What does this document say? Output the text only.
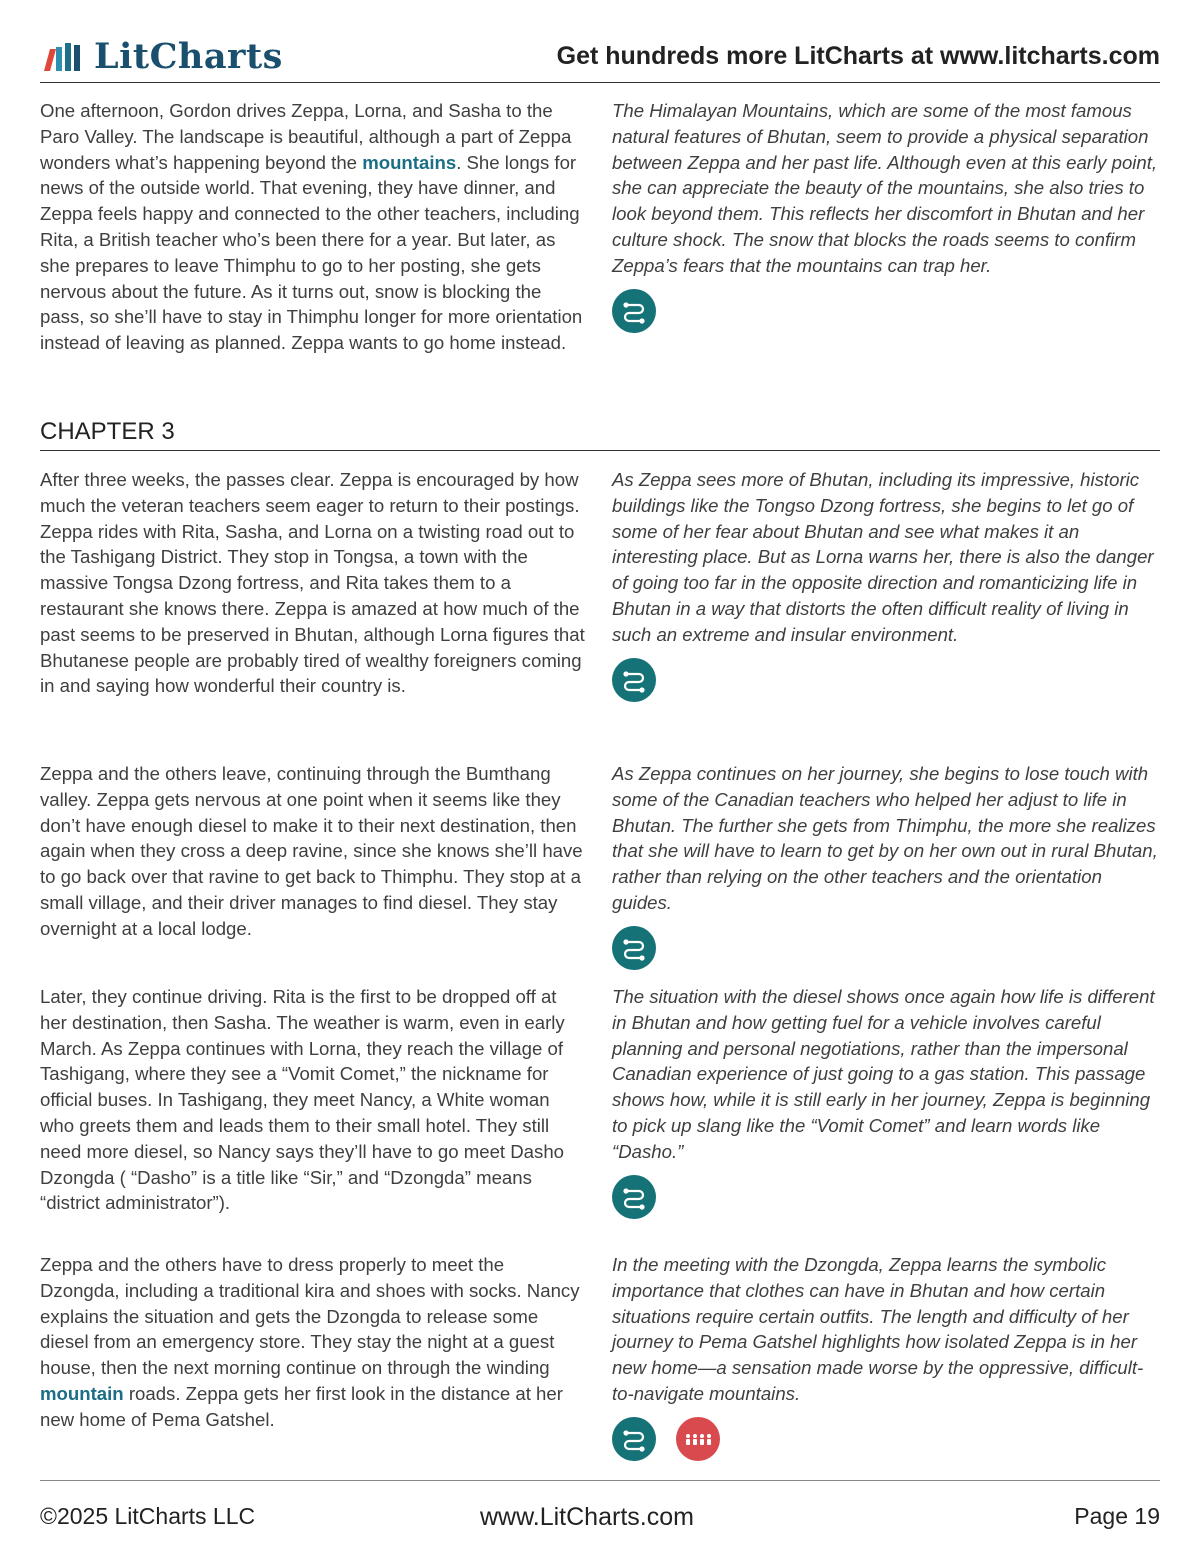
LitCharts	Get hundreds more LitCharts at www.litcharts.com
One afternoon, Gordon drives Zeppa, Lorna, and Sasha to the Paro Valley. The landscape is beautiful, although a part of Zeppa wonders what’s happening beyond the mountains. She longs for news of the outside world. That evening, they have dinner, and Zeppa feels happy and connected to the other teachers, including Rita, a British teacher who’s been there for a year. But later, as she prepares to leave Thimphu to go to her posting, she gets nervous about the future. As it turns out, snow is blocking the pass, so she’ll have to stay in Thimphu longer for more orientation instead of leaving as planned. Zeppa wants to go home instead.
The Himalayan Mountains, which are some of the most famous natural features of Bhutan, seem to provide a physical separation between Zeppa and her past life. Although even at this early point, she can appreciate the beauty of the mountains, she also tries to look beyond them. This reflects her discomfort in Bhutan and her culture shock. The snow that blocks the roads seems to confirm Zeppa’s fears that the mountains can trap her.
CHAPTER 3
After three weeks, the passes clear. Zeppa is encouraged by how much the veteran teachers seem eager to return to their postings. Zeppa rides with Rita, Sasha, and Lorna on a twisting road out to the Tashigang District. They stop in Tongsa, a town with the massive Tongsa Dzong fortress, and Rita takes them to a restaurant she knows there. Zeppa is amazed at how much of the past seems to be preserved in Bhutan, although Lorna figures that Bhutanese people are probably tired of wealthy foreigners coming in and saying how wonderful their country is.
As Zeppa sees more of Bhutan, including its impressive, historic buildings like the Tongso Dzong fortress, she begins to let go of some of her fear about Bhutan and see what makes it an interesting place. But as Lorna warns her, there is also the danger of going too far in the opposite direction and romanticizing life in Bhutan in a way that distorts the often difficult reality of living in such an extreme and insular environment.
Zeppa and the others leave, continuing through the Bumthang valley. Zeppa gets nervous at one point when it seems like they don’t have enough diesel to make it to their next destination, then again when they cross a deep ravine, since she knows she’ll have to go back over that ravine to get back to Thimphu. They stop at a small village, and their driver manages to find diesel. They stay overnight at a local lodge.
As Zeppa continues on her journey, she begins to lose touch with some of the Canadian teachers who helped her adjust to life in Bhutan. The further she gets from Thimphu, the more she realizes that she will have to learn to get by on her own out in rural Bhutan, rather than relying on the other teachers and the orientation guides.
Later, they continue driving. Rita is the first to be dropped off at her destination, then Sasha. The weather is warm, even in early March. As Zeppa continues with Lorna, they reach the village of Tashigang, where they see a “Vomit Comet,” the nickname for official buses. In Tashigang, they meet Nancy, a White woman who greets them and leads them to their small hotel. They still need more diesel, so Nancy says they’ll have to go meet Dasho Dzongda ( “Dasho” is a title like “Sir,” and “Dzongda” means “district administrator”).
The situation with the diesel shows once again how life is different in Bhutan and how getting fuel for a vehicle involves careful planning and personal negotiations, rather than the impersonal Canadian experience of just going to a gas station. This passage shows how, while it is still early in her journey, Zeppa is beginning to pick up slang like the “Vomit Comet” and learn words like “Dasho.”
Zeppa and the others have to dress properly to meet the Dzongda, including a traditional kira and shoes with socks. Nancy explains the situation and gets the Dzongda to release some diesel from an emergency store. They stay the night at a guest house, then the next morning continue on through the winding mountain roads. Zeppa gets her first look in the distance at her new home of Pema Gatshel.
In the meeting with the Dzongda, Zeppa learns the symbolic importance that clothes can have in Bhutan and how certain situations require certain outfits. The length and difficulty of her journey to Pema Gatshel highlights how isolated Zeppa is in her new home—a sensation made worse by the oppressive, difficult-to-navigate mountains.
©2025 LitCharts LLC	www.LitCharts.com	Page 19
